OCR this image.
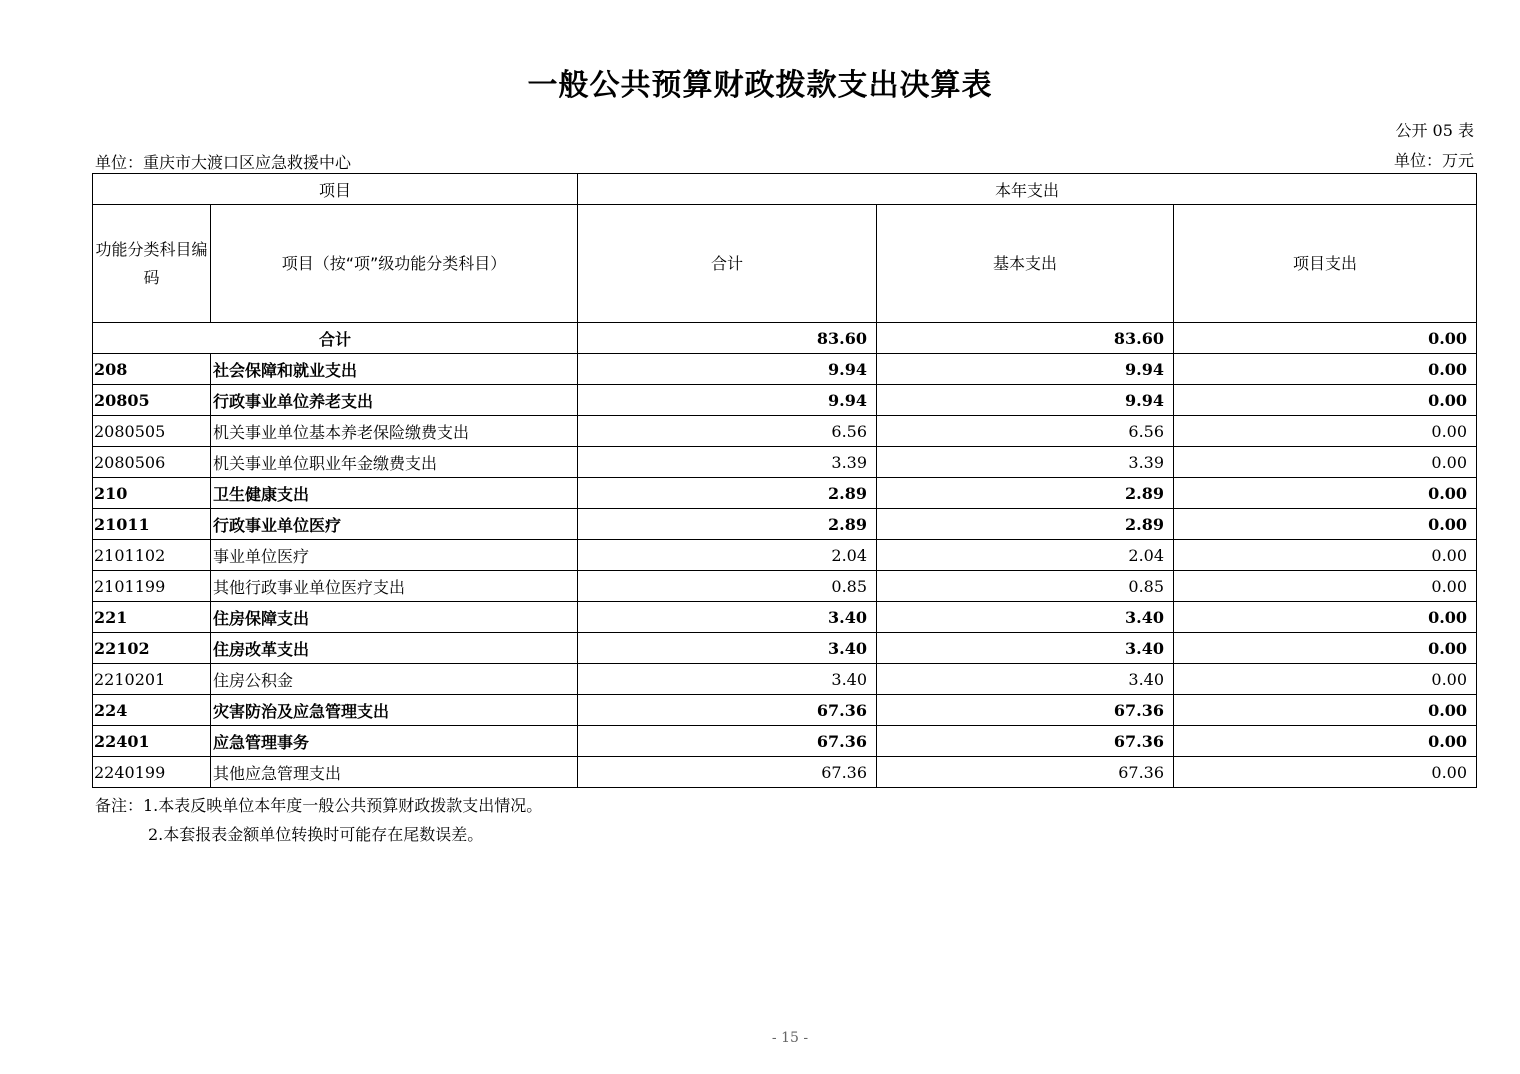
一般公共预算财政拨款支出决算表
公开 05 表
单位：重庆市大渡口区应急救援中心	单位：万元
项目		本年支出		
功能分类科目编码	项目（按“项”级功能分类科目）	合计	基本支出	项目支出
合计		83.60	83.60	0.00
208	社会保障和就业支出	9.94	9.94	0.00
20805	行政事业单位养老支出	9.94	9.94	0.00
2080505	机关事业单位基本养老保险缴费支出	6.56	6.56	0.00
2080506	机关事业单位职业年金缴费支出	3.39	3.39	0.00
210	卫生健康支出	2.89	2.89	0.00
21011	行政事业单位医疗	2.89	2.89	0.00
2101102	事业单位医疗	2.04	2.04	0.00
2101199	其他行政事业单位医疗支出	0.85	0.85	0.00
221	住房保障支出	3.40	3.40	0.00
22102	住房改革支出	3.40	3.40	0.00
2210201	住房公积金	3.40	3.40	0.00
224	灾害防治及应急管理支出	67.36	67.36	0.00
22401	应急管理事务	67.36	67.36	0.00
2240199	其他应急管理支出	67.36	67.36	0.00
备注：1.本表反映单位本年度一般公共预算财政拨款支出情况。
2.本套报表金额单位转换时可能存在尾数误差。
- 15 -
